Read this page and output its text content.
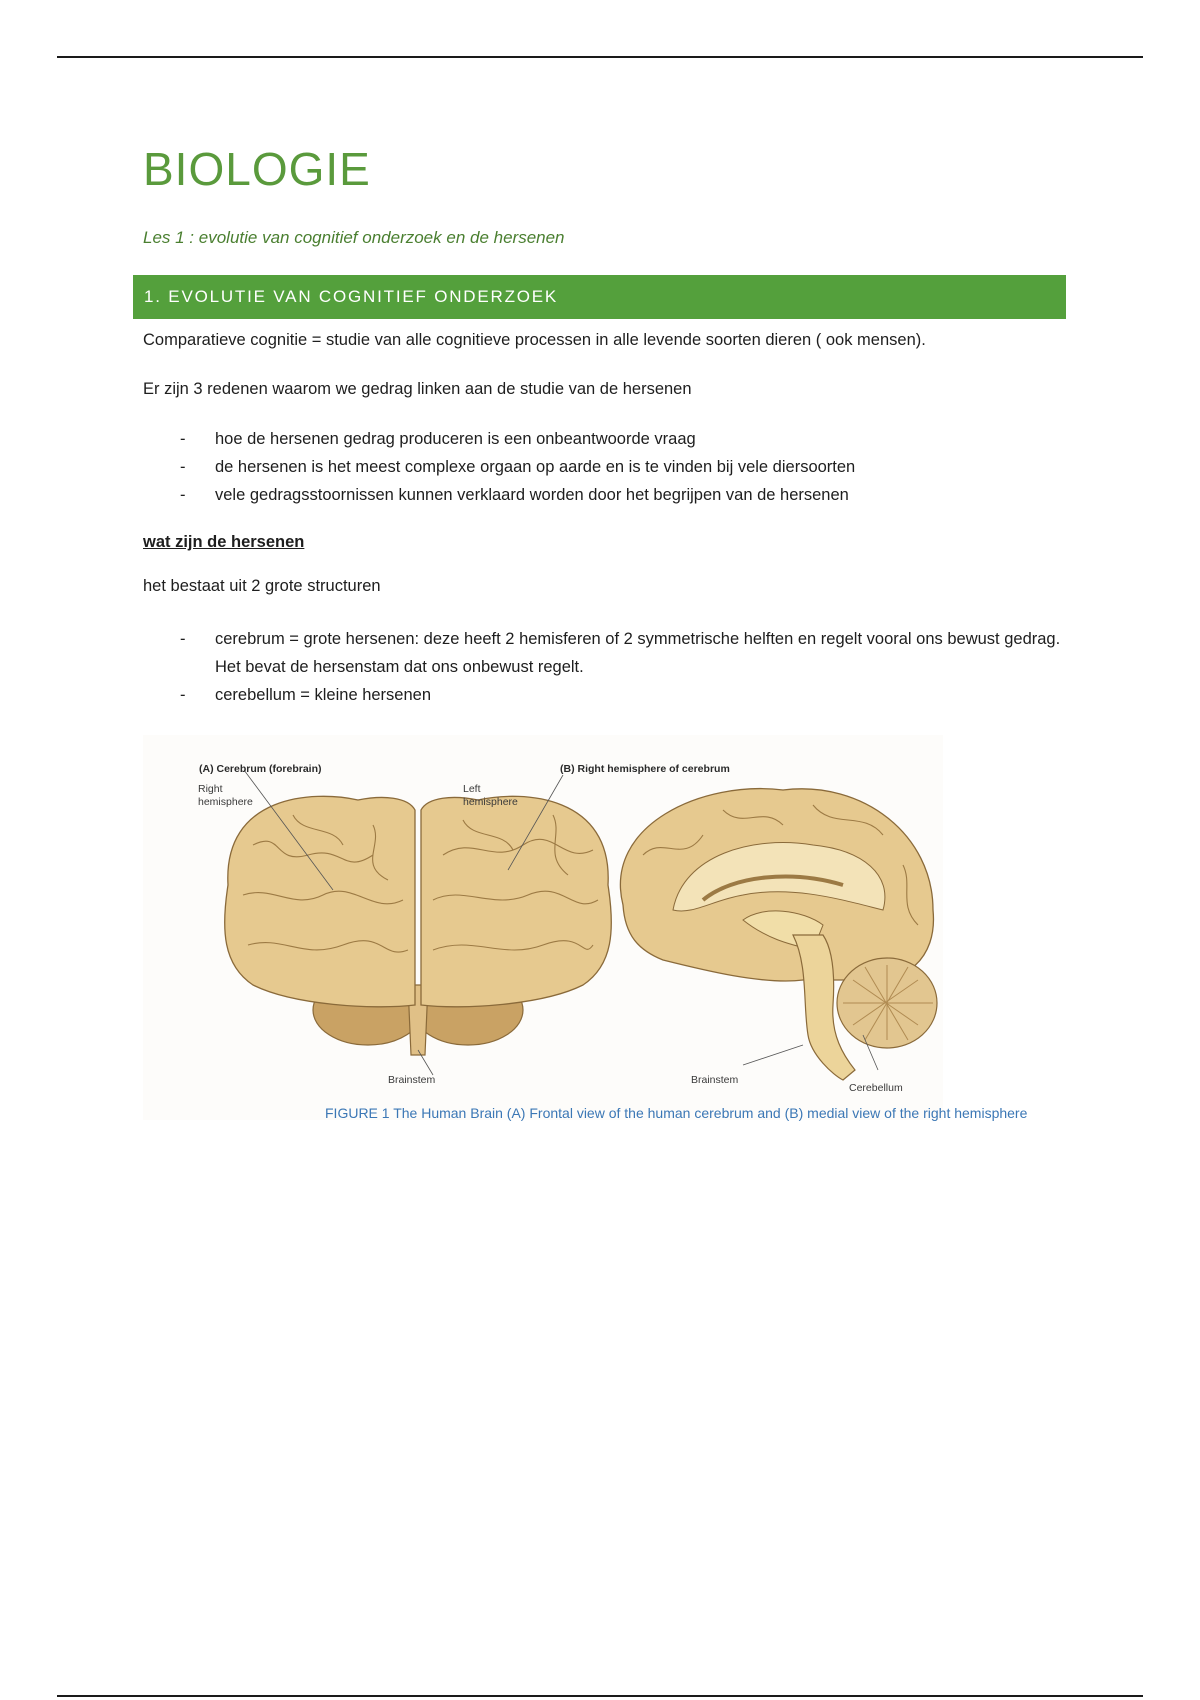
BIOLOGIE

Les 1 : evolutie van cognitief onderzoek en de hersenen

1. EVOLUTIE VAN COGNITIEF ONDERZOEK

Comparatieve cognitie = studie van alle cognitieve processen in alle levende soorten dieren ( ook mensen).

Er zijn 3 redenen waarom we gedrag linken aan de studie van de hersenen

- hoe de hersenen gedrag produceren is een onbeantwoorde vraag
- de hersenen is het meest complexe orgaan op aarde en is te vinden bij vele diersoorten
- vele gedragsstoornissen kunnen verklaard worden door het begrijpen van de hersenen

wat zijn de hersenen

het bestaat uit 2 grote structuren

- cerebrum = grote hersenen: deze heeft 2 hemisferen of 2 symmetrische helften en regelt vooral ons bewust gedrag. Het bevat de hersenstam dat ons onbewust regelt.
- cerebellum = kleine hersenen
(A) Cerebrum (forebrain)	(B) Right hemisphere of cerebrum
Right
hemisphere
Left
hemisphere
Brainstem	Brainstem
Cerebellum
FIGURE 1 The Human Brain (A) Frontal view of the human cerebrum and (B) medial view of the right hemisphere
